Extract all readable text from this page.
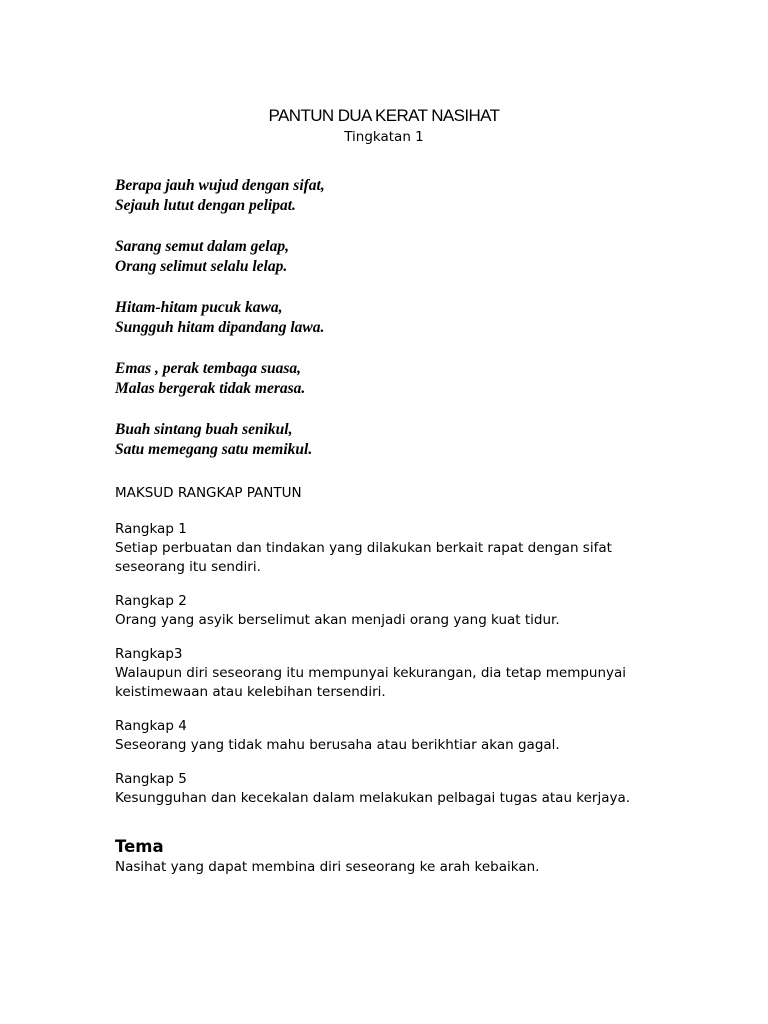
PANTUN DUA KERAT NASIHAT
Tingkatan 1
Berapa jauh wujud dengan sifat,
Sejauh lutut dengan pelipat.
Sarang semut dalam gelap,
Orang selimut selalu lelap.
Hitam-hitam pucuk kawa,
Sungguh hitam dipandang lawa.
Emas , perak tembaga suasa,
Malas bergerak tidak merasa.
Buah sintang buah senikul,
Satu memegang satu memikul.
MAKSUD RANGKAP PANTUN
Rangkap 1
Setiap perbuatan dan tindakan yang dilakukan berkait rapat dengan sifat
seseorang itu sendiri.
Rangkap 2
Orang yang asyik berselimut akan menjadi orang yang kuat tidur.
Rangkap3
Walaupun diri seseorang itu mempunyai kekurangan, dia tetap mempunyai
keistimewaan atau kelebihan tersendiri.
Rangkap 4
Seseorang yang tidak mahu berusaha atau berikhtiar akan gagal.
Rangkap 5
Kesungguhan dan kecekalan dalam melakukan pelbagai tugas atau kerjaya.
Tema
Nasihat yang dapat membina diri seseorang ke arah kebaikan.
